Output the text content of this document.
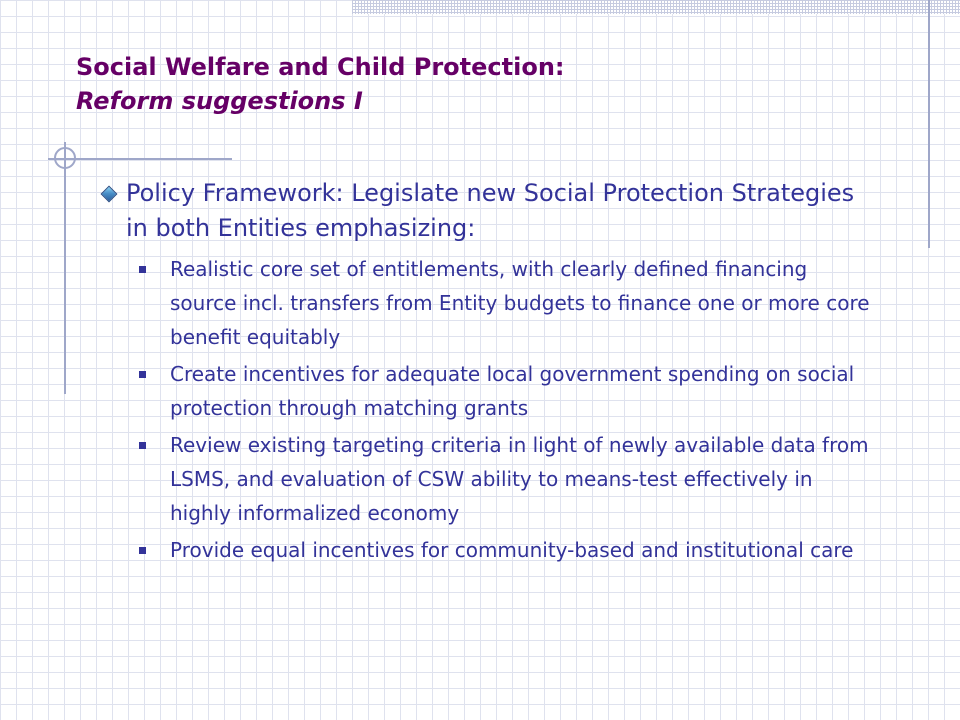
Social Welfare and Child Protection:
Reform suggestions I
Policy Framework: Legislate new Social Protection Strategies in both Entities emphasizing:
Realistic core set of entitlements, with clearly defined financing source incl. transfers from Entity budgets to finance one or more core benefit equitably
Create incentives for adequate local government spending on social protection through matching grants
Review existing targeting criteria in light of newly available data from LSMS, and evaluation of CSW ability to means-test effectively in highly informalized economy
Provide equal incentives for community-based and institutional care
